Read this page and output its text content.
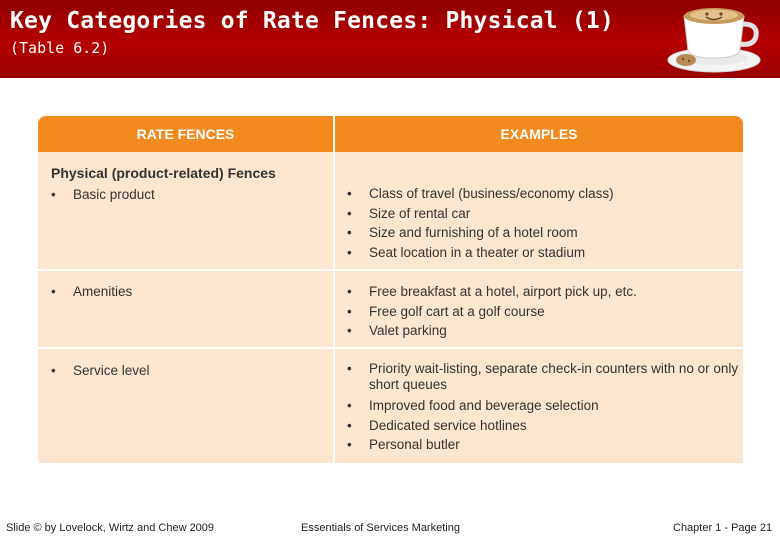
Key Categories of Rate Fences: Physical (1)
(Table 6.2)
RATE FENCES	EXAMPLES
Physical (product-related) Fences
• Basic product	• Class of travel (business/economy class)
• Size of rental car
• Size and furnishing of a hotel room
• Seat location in a theater or stadium
• Amenities	• Free breakfast at a hotel, airport pick up, etc.
• Free golf cart at a golf course
• Valet parking
• Service level	• Priority wait-listing, separate check-in counters with no or only short queues
• Improved food and beverage selection
• Dedicated service hotlines
• Personal butler
Slide © by Lovelock, Wirtz and Chew 2009	Essentials of Services Marketing	Chapter 1 - Page 21
